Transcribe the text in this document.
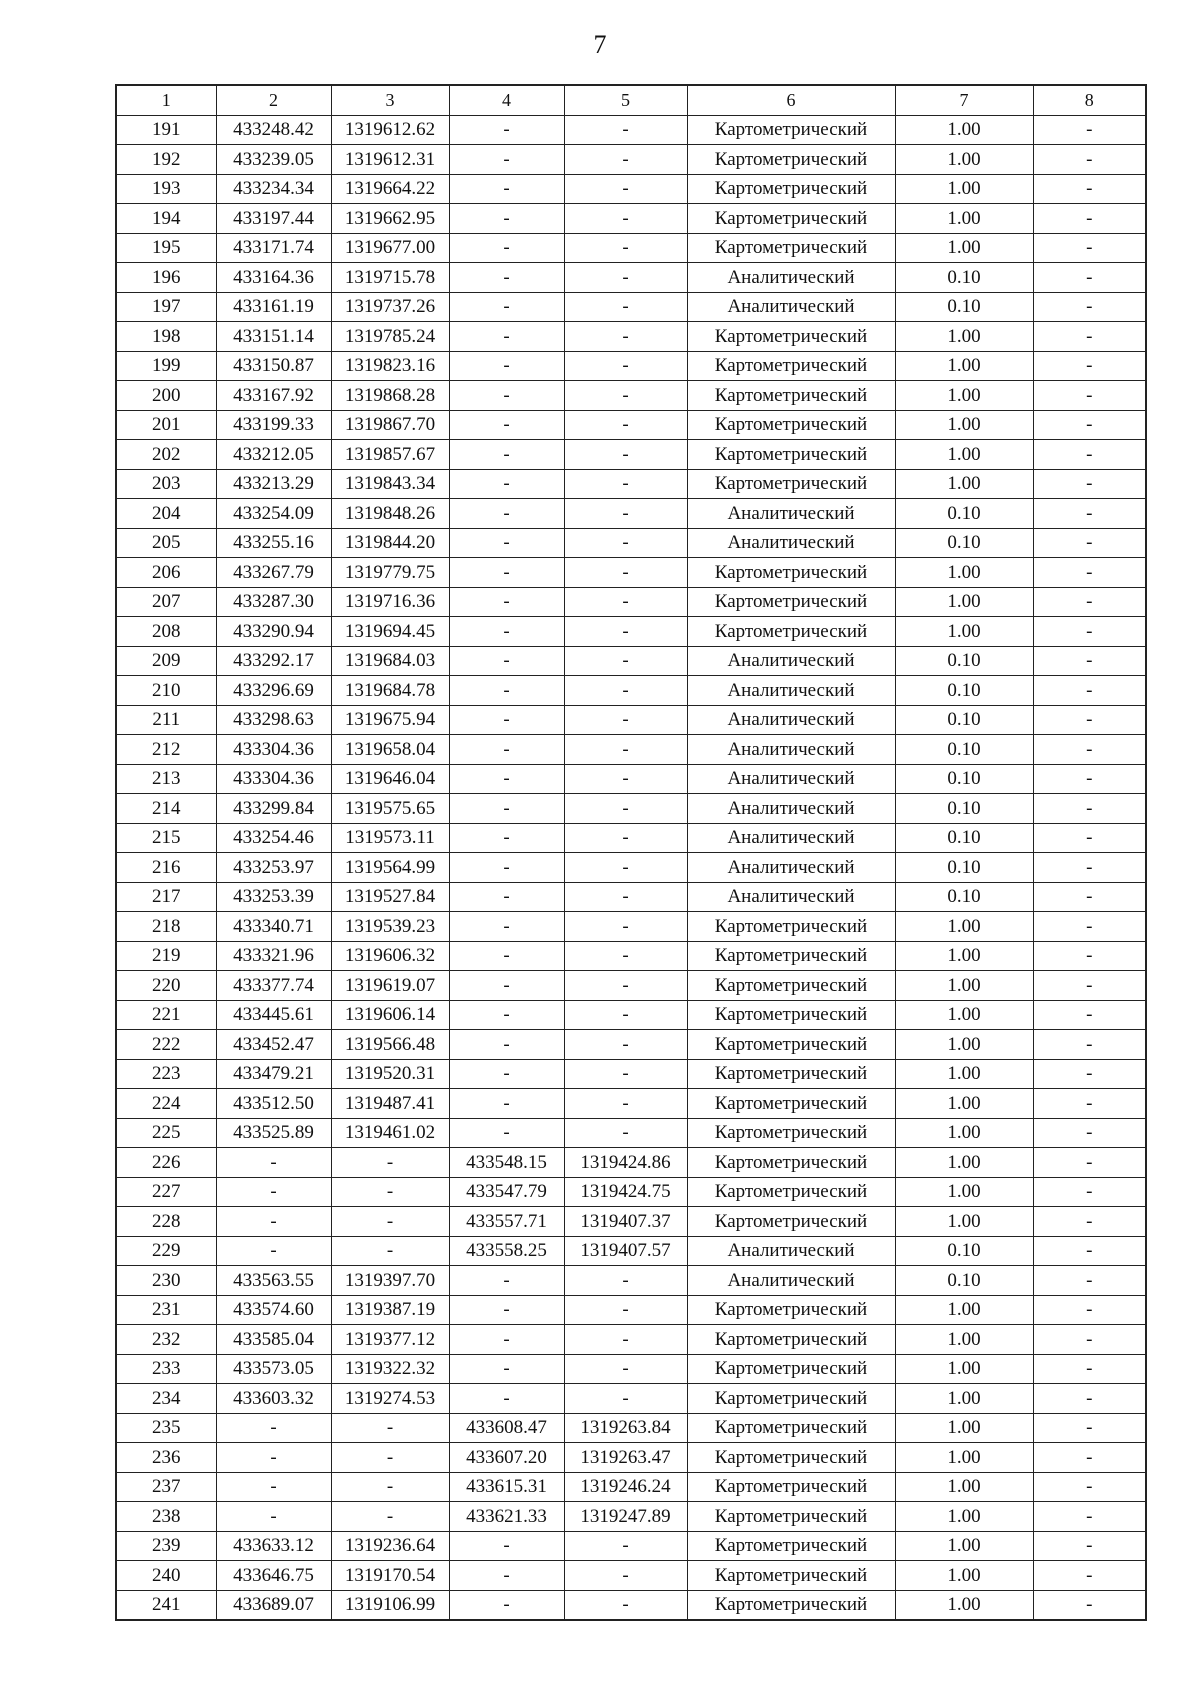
7
1	2	3	4	5	6	7	8
191	433248.42	1319612.62	-	-	Картометрический	1.00	-
192	433239.05	1319612.31	-	-	Картометрический	1.00	-
193	433234.34	1319664.22	-	-	Картометрический	1.00	-
194	433197.44	1319662.95	-	-	Картометрический	1.00	-
195	433171.74	1319677.00	-	-	Картометрический	1.00	-
196	433164.36	1319715.78	-	-	Аналитический	0.10	-
197	433161.19	1319737.26	-	-	Аналитический	0.10	-
198	433151.14	1319785.24	-	-	Картометрический	1.00	-
199	433150.87	1319823.16	-	-	Картометрический	1.00	-
200	433167.92	1319868.28	-	-	Картометрический	1.00	-
201	433199.33	1319867.70	-	-	Картометрический	1.00	-
202	433212.05	1319857.67	-	-	Картометрический	1.00	-
203	433213.29	1319843.34	-	-	Картометрический	1.00	-
204	433254.09	1319848.26	-	-	Аналитический	0.10	-
205	433255.16	1319844.20	-	-	Аналитический	0.10	-
206	433267.79	1319779.75	-	-	Картометрический	1.00	-
207	433287.30	1319716.36	-	-	Картометрический	1.00	-
208	433290.94	1319694.45	-	-	Картометрический	1.00	-
209	433292.17	1319684.03	-	-	Аналитический	0.10	-
210	433296.69	1319684.78	-	-	Аналитический	0.10	-
211	433298.63	1319675.94	-	-	Аналитический	0.10	-
212	433304.36	1319658.04	-	-	Аналитический	0.10	-
213	433304.36	1319646.04	-	-	Аналитический	0.10	-
214	433299.84	1319575.65	-	-	Аналитический	0.10	-
215	433254.46	1319573.11	-	-	Аналитический	0.10	-
216	433253.97	1319564.99	-	-	Аналитический	0.10	-
217	433253.39	1319527.84	-	-	Аналитический	0.10	-
218	433340.71	1319539.23	-	-	Картометрический	1.00	-
219	433321.96	1319606.32	-	-	Картометрический	1.00	-
220	433377.74	1319619.07	-	-	Картометрический	1.00	-
221	433445.61	1319606.14	-	-	Картометрический	1.00	-
222	433452.47	1319566.48	-	-	Картометрический	1.00	-
223	433479.21	1319520.31	-	-	Картометрический	1.00	-
224	433512.50	1319487.41	-	-	Картометрический	1.00	-
225	433525.89	1319461.02	-	-	Картометрический	1.00	-
226	-	-	433548.15	1319424.86	Картометрический	1.00	-
227	-	-	433547.79	1319424.75	Картометрический	1.00	-
228	-	-	433557.71	1319407.37	Картометрический	1.00	-
229	-	-	433558.25	1319407.57	Аналитический	0.10	-
230	433563.55	1319397.70	-	-	Аналитический	0.10	-
231	433574.60	1319387.19	-	-	Картометрический	1.00	-
232	433585.04	1319377.12	-	-	Картометрический	1.00	-
233	433573.05	1319322.32	-	-	Картометрический	1.00	-
234	433603.32	1319274.53	-	-	Картометрический	1.00	-
235	-	-	433608.47	1319263.84	Картометрический	1.00	-
236	-	-	433607.20	1319263.47	Картометрический	1.00	-
237	-	-	433615.31	1319246.24	Картометрический	1.00	-
238	-	-	433621.33	1319247.89	Картометрический	1.00	-
239	433633.12	1319236.64	-	-	Картометрический	1.00	-
240	433646.75	1319170.54	-	-	Картометрический	1.00	-
241	433689.07	1319106.99	-	-	Картометрический	1.00	-
